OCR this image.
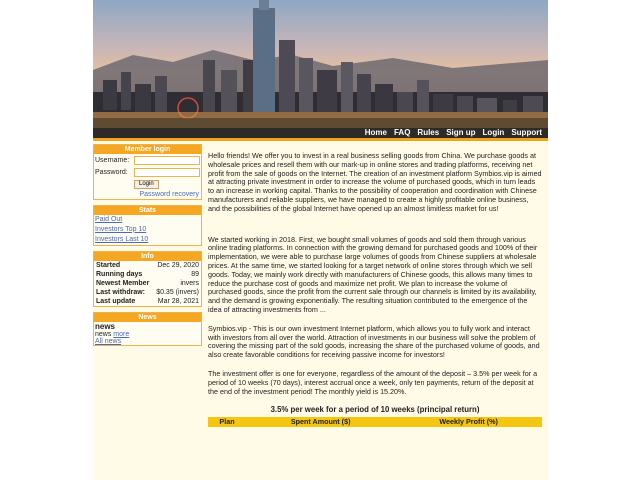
Home FAQ Rules Sign up Login Support
Member login
Username:
Password:
Login
Password recovery
Stats
Paid Out
Investors Top 10
Investors Last 10
Info
Started	Dec 29, 2020
Running days	89
Newest Member	invers
Last withdraw: $0.35 (invers)
Last update	Mar 28, 2021
News
news
news more
All news

Hello friends! We offer you to invest in a real business selling goods from China. We purchase goods at wholesale prices and resell them with our mark-up in online stores and trading platforms, receiving net profit from the sale of goods on the Internet. The creation of an investment platform Symbios.vip is aimed at attracting private investment in order to increase the volume of purchased goods, which in turn leads to an increase in working capital. Thanks to the possibility of cooperation and coordination with Chinese manufacturers and reliable suppliers, we have managed to create a highly profitable online business, and the possibilities of the global Internet have opened up an almost limitless market for us!

We started working in 2018. First, we bought small volumes of goods and sold them through various online trading platforms. In connection with the growing demand for purchased goods and 100% of their implementation, we were able to purchase large volumes of goods from Chinese suppliers at wholesale prices. At the same time, we started looking for a target network of online stores through which we sell goods. Today, we mainly work directly with manufacturers of Chinese goods, this allows many times to reduce the purchase cost of goods and maximize net profit. We plan to increase the volume of purchased goods, since the profit from the current sale through our channels is limited by its availability, and the demand is growing exponentially. The resulting situation contributed to the emergence of the idea of attracting investments from ...

Symbios.vip - This is our own investment Internet platform, which allows you to fully work and interact with investors from all over the world. Attraction of investments in our business will solve the problem of covering the missing part of the sold goods, increasing the share of the purchased volume of goods, and also create favorable conditions for receiving passive income for investors!

The investment offer is one for everyone, regardless of the amount of the deposit – 3.5% per week for a period of 10 weeks (70 days), interest accrual once a week, only ten payments, return of the deposit at the end of the investment period! The monthly yield is 15.20%.

3.5% per week for a period of 10 weeks (principal return)
Plan	Spent Amount ($)	Weekly Profit (%)
